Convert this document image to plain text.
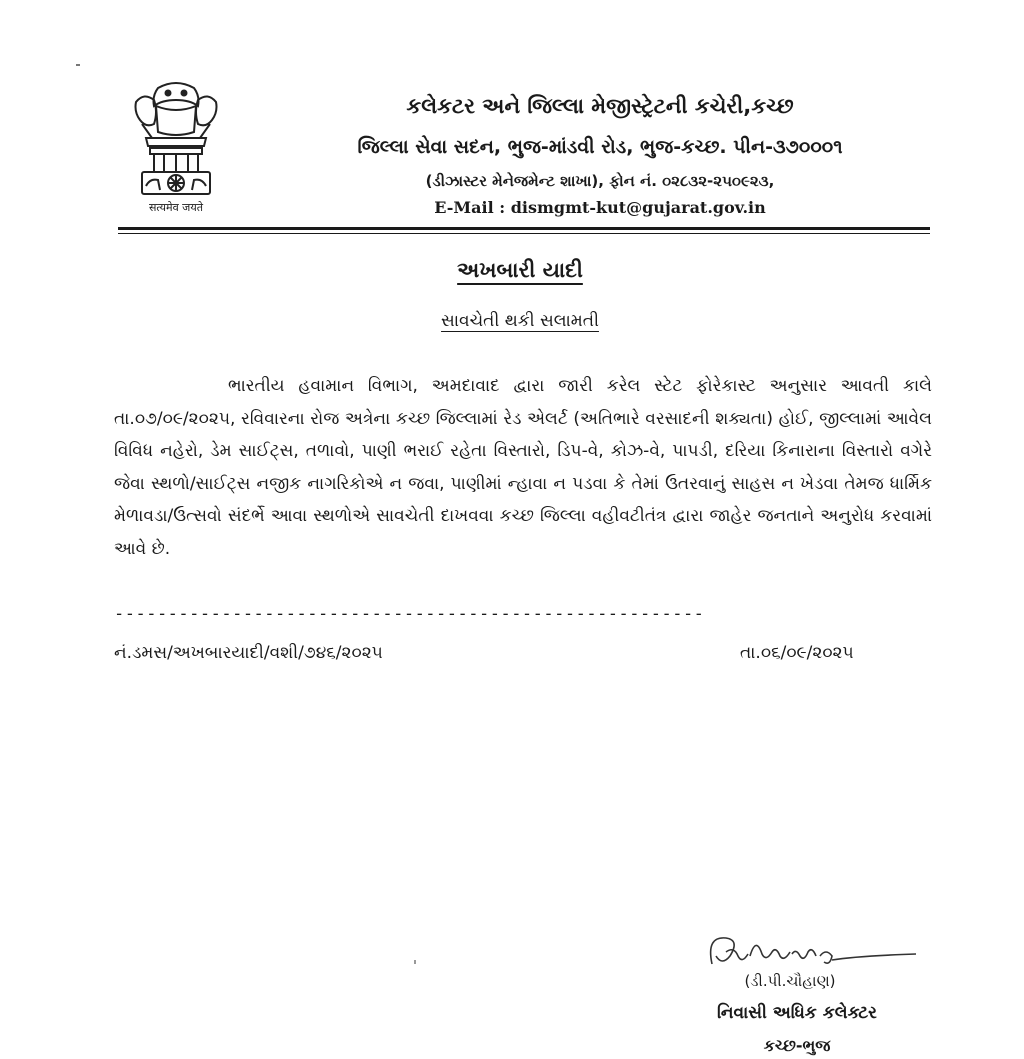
सत्यमेव जयते
કલેકટર અને જિલ્લા મેજીસ્ટ્રેટની કચેરી,કચ્છ
જિલ્લા સેવા સદન, ભુજ-માંડવી રોડ, ભુજ-કચ્છ. પીન-૩૭૦૦૦૧
(ડીઝાસ્ટર મેનેજમેન્ટ શાખા), ફોન નં. ૦૨૮૩૨-૨૫૦૯૨૩,
E-Mail : dismgmt-kut@gujarat.gov.in
અખબારી યાદી
સાવચેતી થકી સલામતી
ભારતીય હવામાન વિભાગ, અમદાવાદ દ્વારા જારી કરેલ સ્ટેટ ફોરેકાસ્ટ અનુસાર આવતી કાલે તા.૦૭/૦૯/૨૦૨૫, રવિવારના રોજ અત્રેના કચ્છ જિલ્લામાં રેડ એલર્ટ (અતિભારે વરસાદની શક્યતા) હોઈ, જીલ્લામાં આવેલ વિવિધ નહેરો, ડેમ સાઈટ્સ, તળાવો, પાણી ભરાઈ રહેતા વિસ્તારો, ડિપ-વે, કોઝ-વે, પાપડી, દરિયા કિનારાના વિસ્તારો વગેરે જેવા સ્થળો/સાઈટ્સ નજીક નાગરિકોએ ન જવા, પાણીમાં ન્હાવા ન પડવા કે તેમાં ઉતરવાનું સાહસ ન ખેડવા તેમજ ધાર્મિક મેળાવડા/ઉત્સવો સંદર્ભે આવા સ્થળોએ સાવચેતી દાખવવા કચ્છ જિલ્લા વહીવટીતંત્ર દ્વારા જાહેર જનતાને અનુરોધ કરવામાં આવે છે.
-------------------------------------------------------
નં.ડમસ/અખબારયાદી/વશી/૭૪૬/૨૦૨૫	તા.૦૬/૦૯/૨૦૨૫
(ડી.પી.ચૌહાણ)
નિવાસી અધિક કલેક્ટર
કચ્છ-ભુજ
